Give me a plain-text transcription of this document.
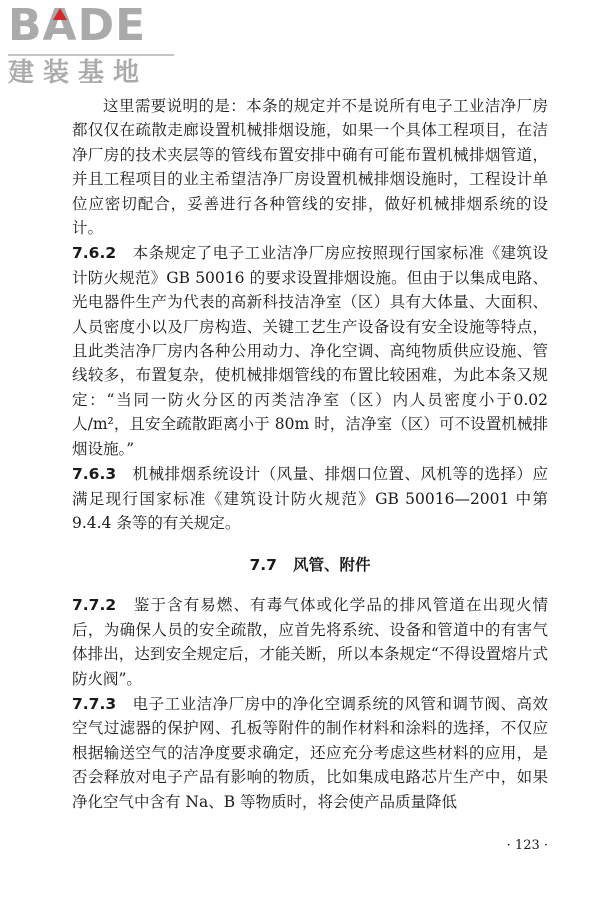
BADE
建装基地

这里需要说明的是：本条的规定并不是说所有电子工业洁净厂房都仅仅在疏散走廊设置机械排烟设施，如果一个具体工程项目，在洁净厂房的技术夹层等的管线布置安排中确有可能布置机械排烟管道，并且工程项目的业主希望洁净厂房设置机械排烟设施时，工程设计单位应密切配合，妥善进行各种管线的安排，做好机械排烟系统的设计。

7.6.2　 本条规定了电子工业洁净厂房应按照现行国家标准《建筑设计防火规范》GB 50016 的要求设置排烟设施。但由于以集成电路、光电器件生产为代表的高新科技洁净室（区）具有大体量、大面积、人员密度小以及厂房构造、关键工艺生产设备设有安全设施等特点，且此类洁净厂房内各种公用动力、净化空调、高纯物质供应设施、管线较多，布置复杂，使机械排烟管线的布置比较困难，为此本条又规定：“当同一防火分区的丙类洁净室（区）内人员密度小于0.02 人/m²，且安全疏散距离小于 80m 时，洁净室（区）可不设置机械排烟设施。”

7.6.3　 机械排烟系统设计（风量、排烟口位置、风机等的选择）应满足现行国家标准《建筑设计防火规范》GB 50016—2001 中第9.4.4 条等的有关规定。

7.7 风管、附件

7.7.2　 鉴于含有易燃、有毒气体或化学品的排风管道在出现火情后，为确保人员的安全疏散，应首先将系统、设备和管道中的有害气体排出，达到安全规定后，才能关断，所以本条规定“不得设置熔片式防火阀”。

7.7.3　 电子工业洁净厂房中的净化空调系统的风管和调节阀、高效空气过滤器的保护网、孔板等附件的制作材料和涂料的选择，不仅应根据输送空气的洁净度要求确定，还应充分考虑这些材料的应用，是否会释放对电子产品有影响的物质，比如集成电路芯片生产中，如果净化空气中含有 Na、B 等物质时，将会使产品质量降低

· 123 ·
